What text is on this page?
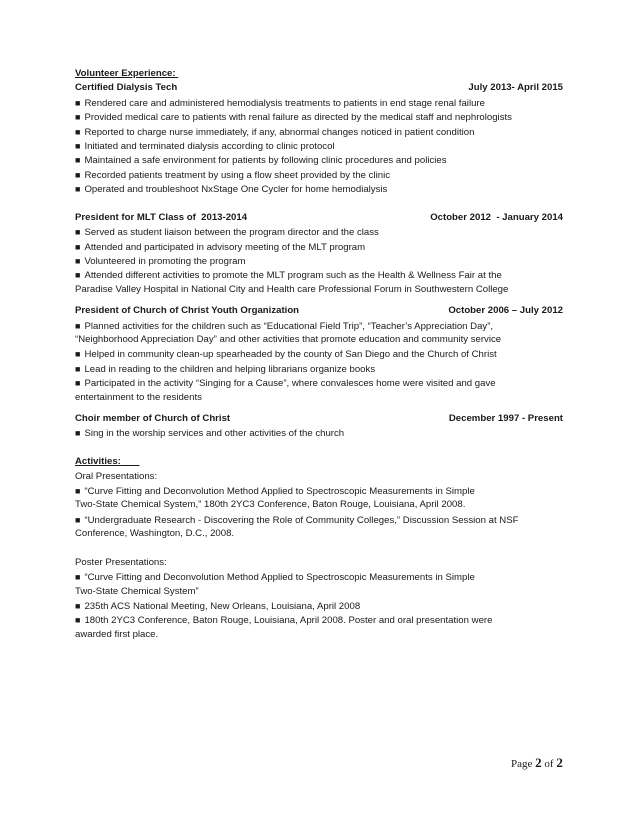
Volunteer Experience:
Certified Dialysis Tech	July 2013- April 2015
■ Rendered care and administered hemodialysis treatments to patients in end stage renal failure
■ Provided medical care to patients with renal failure as directed by the medical staff and nephrologists
■ Reported to charge nurse immediately, if any, abnormal changes noticed in patient condition
■ Initiated and terminated dialysis according to clinic protocol
■ Maintained a safe environment for patients by following clinic procedures and policies
■ Recorded patients treatment by using a flow sheet provided by the clinic
■ Operated and troubleshoot NxStage One Cycler for home hemodialysis
President for MLT Class of  2013-2014	October 2012  - January 2014
■ Served as student liaison between the program director and the class
■ Attended and participated in advisory meeting of the MLT program
■ Volunteered in promoting the program
■ Attended different activities to promote the MLT program such as the Health & Wellness Fair at the
Paradise Valley Hospital in National City and Health care Professional Forum in Southwestern College
President of Church of Christ Youth Organization	October 2006 – July 2012
■ Planned activities for the children such as “Educational Field Trip”, “Teacher’s Appreciation Day”,
“Neighborhood Appreciation Day” and other activities that promote education and community service
■ Helped in community clean-up spearheaded by the county of San Diego and the Church of Christ
■ Lead in reading to the children and helping librarians organize books
■ Participated in the activity “Singing for a Cause”, where convalesces home were visited and gave
entertainment to the residents
Choir member of Church of Christ	December 1997 - Present
■ Sing in the worship services and other activities of the church
Activities:
Oral Presentations:
■ “Curve Fitting and Deconvolution Method Applied to Spectroscopic Measurements in Simple
Two-State Chemical System,” 180th 2YC3 Conference, Baton Rouge, Louisiana, April 2008.
■ “Undergraduate Research - Discovering the Role of Community Colleges,” Discussion Session at NSF
Conference, Washington, D.C., 2008.
Poster Presentations:
■ “Curve Fitting and Deconvolution Method Applied to Spectroscopic Measurements in Simple
Two-State Chemical System”
■ 235th ACS National Meeting, New Orleans, Louisiana, April 2008
■ 180th 2YC3 Conference, Baton Rouge, Louisiana, April 2008. Poster and oral presentation were
awarded first place.
Page 2 of 2
